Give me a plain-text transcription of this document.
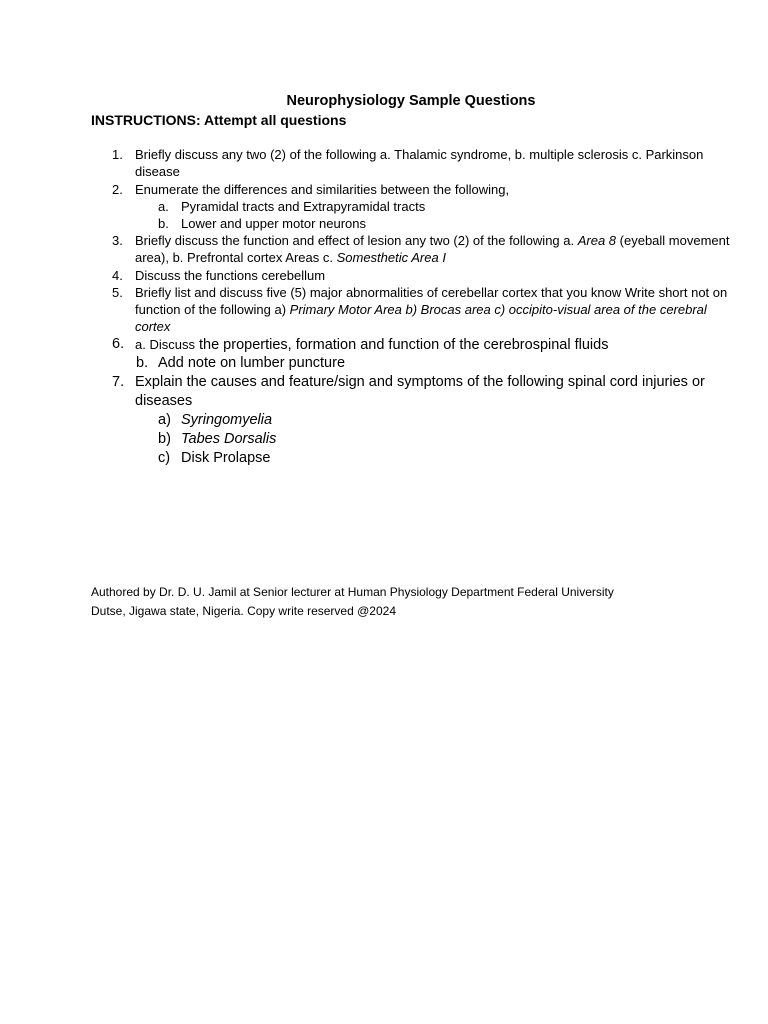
Neurophysiology Sample Questions
INSTRUCTIONS: Attempt all questions
1. Briefly discuss any two (2) of the following a. Thalamic syndrome, b. multiple sclerosis c. Parkinson disease
2. Enumerate the differences and similarities between the following,
a. Pyramidal tracts and Extrapyramidal tracts
b. Lower and upper motor neurons
3. Briefly discuss the function and effect of lesion any two (2) of the following a. Area 8 (eyeball movement area), b. Prefrontal cortex Areas c. Somesthetic Area I
4. Discuss the functions cerebellum
5. Briefly list and discuss five (5) major abnormalities of cerebellar cortex that you know Write short not on function of the following a) Primary Motor Area b) Brocas area c) occipito-visual area of the cerebral cortex
6. a. Discuss the properties, formation and function of the cerebrospinal fluids
b. Add note on lumber puncture
7. Explain the causes and feature/sign and symptoms of the following spinal cord injuries or diseases
a) Syringomyelia
b) Tabes Dorsalis
c) Disk Prolapse
Authored by Dr. D. U. Jamil at Senior lecturer at Human Physiology Department Federal University
Dutse, Jigawa state, Nigeria. Copy write reserved @2024
